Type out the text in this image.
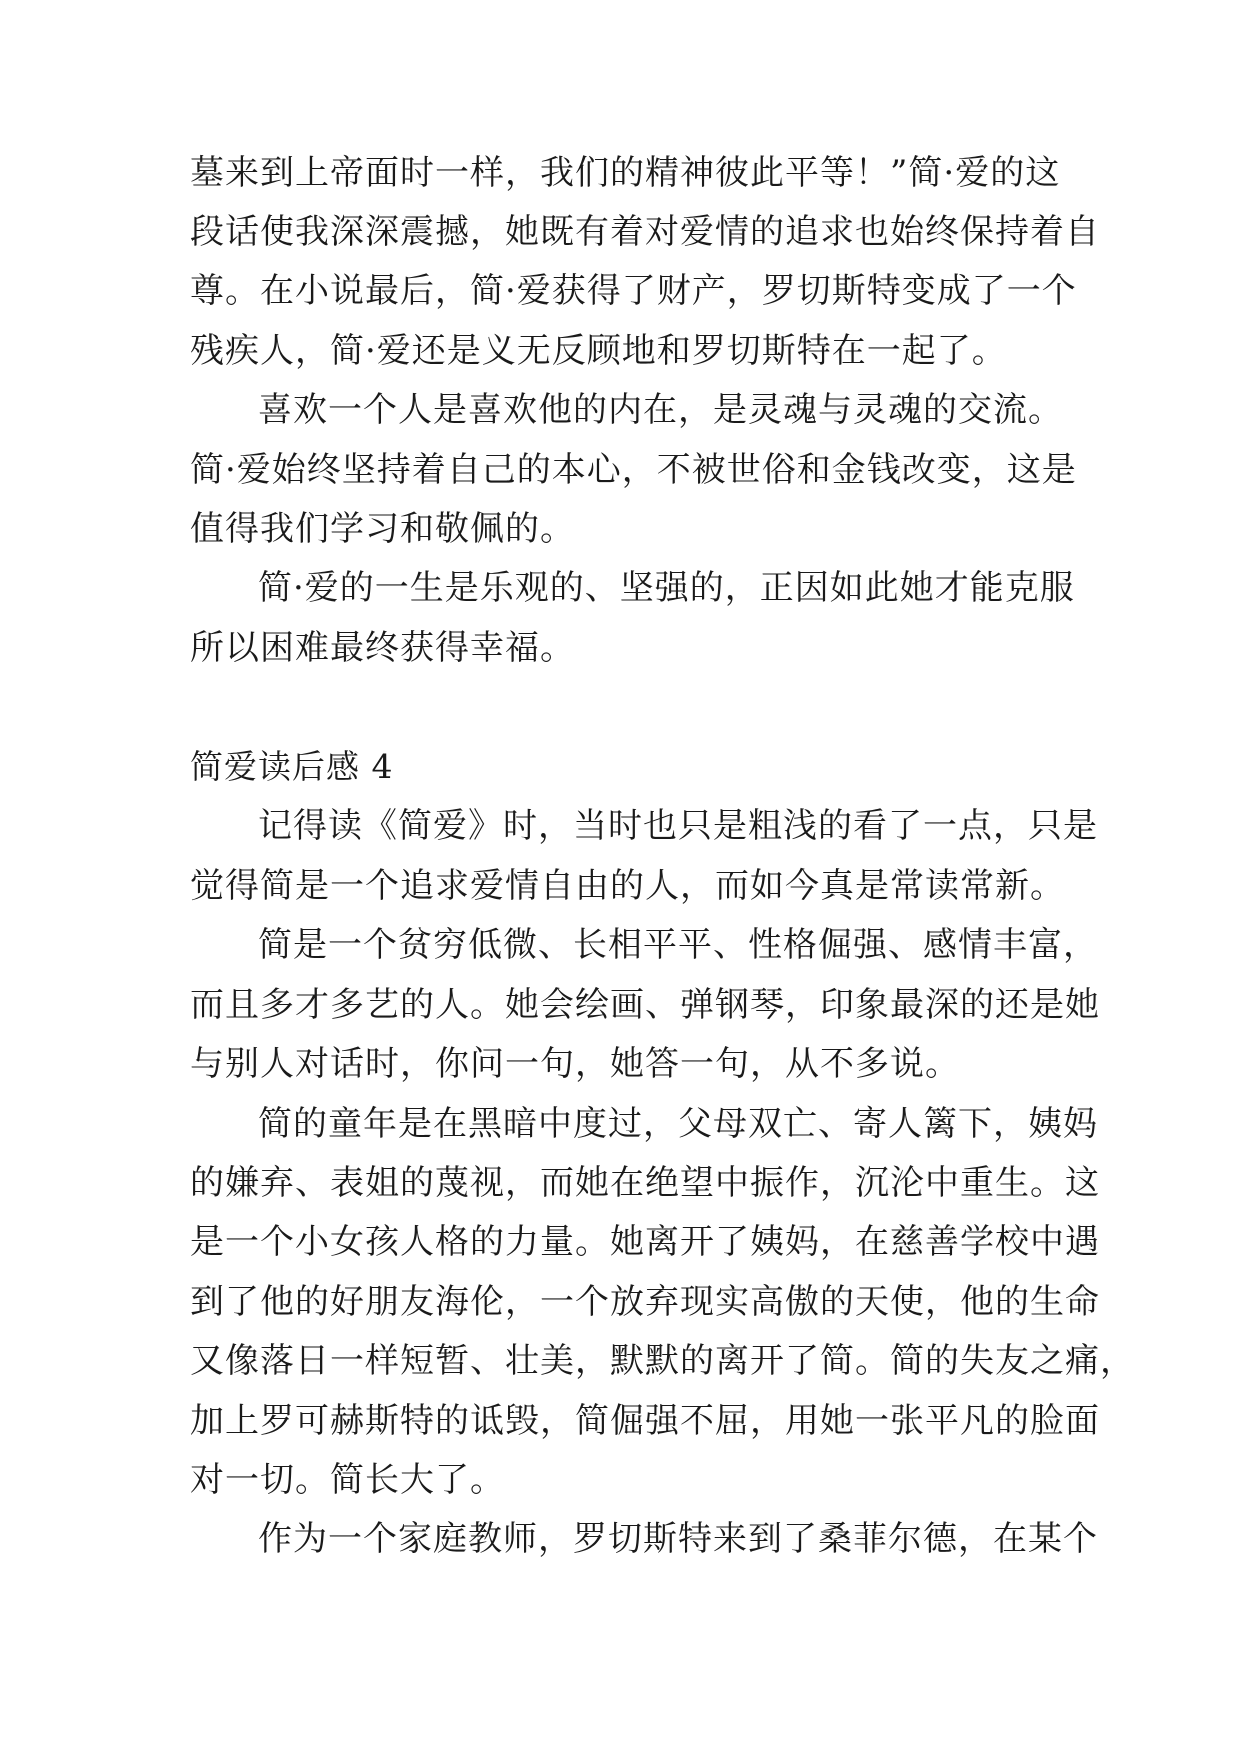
墓来到上帝面时一样，我们的精神彼此平等！”简·爱的这
段话使我深深震撼，她既有着对爱情的追求也始终保持着自
尊。在小说最后，简·爱获得了财产，罗切斯特变成了一个
残疾人，简·爱还是义无反顾地和罗切斯特在一起了。
喜欢一个人是喜欢他的内在，是灵魂与灵魂的交流。
简·爱始终坚持着自己的本心，不被世俗和金钱改变，这是
值得我们学习和敬佩的。
简·爱的一生是乐观的、坚强的，正因如此她才能克服
所以困难最终获得幸福。
简爱读后感 4
记得读《简爱》时，当时也只是粗浅的看了一点，只是
觉得简是一个追求爱情自由的人，而如今真是常读常新。
简是一个贫穷低微、长相平平、性格倔强、感情丰富，
而且多才多艺的人。她会绘画、弹钢琴，印象最深的还是她
与别人对话时，你问一句，她答一句，从不多说。
简的童年是在黑暗中度过，父母双亡、寄人篱下，姨妈
的嫌弃、表姐的蔑视，而她在绝望中振作，沉沦中重生。这
是一个小女孩人格的力量。她离开了姨妈，在慈善学校中遇
到了他的好朋友海伦，一个放弃现实高傲的天使，他的生命
又像落日一样短暂、壮美，默默的离开了简。简的失友之痛，
加上罗可赫斯特的诋毁，简倔强不屈，用她一张平凡的脸面
对一切。简长大了。
作为一个家庭教师，罗切斯特来到了桑菲尔德，在某个
